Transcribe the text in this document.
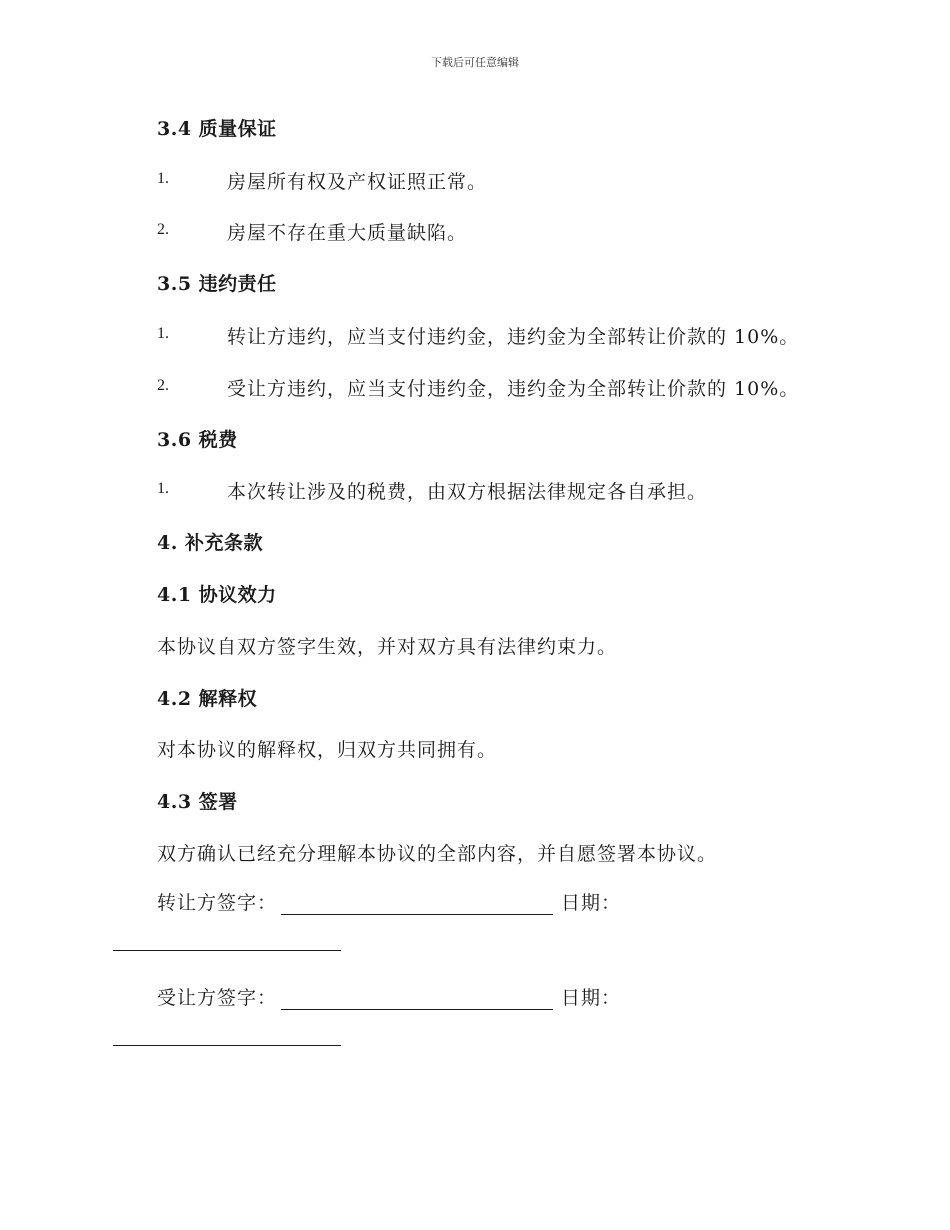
下载后可任意编辑
3.4 质量保证
1.	房屋所有权及产权证照正常。
2.	房屋不存在重大质量缺陷。
3.5 违约责任
1.	转让方违约，应当支付违约金，违约金为全部转让价款的 10%。
2.	受让方违约，应当支付违约金，违约金为全部转让价款的 10%。
3.6 税费
1.	本次转让涉及的税费，由双方根据法律规定各自承担。
4. 补充条款
4.1 协议效力
本协议自双方签字生效，并对双方具有法律约束力。
4.2 解释权
对本协议的解释权，归双方共同拥有。
4.3 签署
双方确认已经充分理解本协议的全部内容，并自愿签署本协议。
转让方签字：	日期：
受让方签字：	日期：
